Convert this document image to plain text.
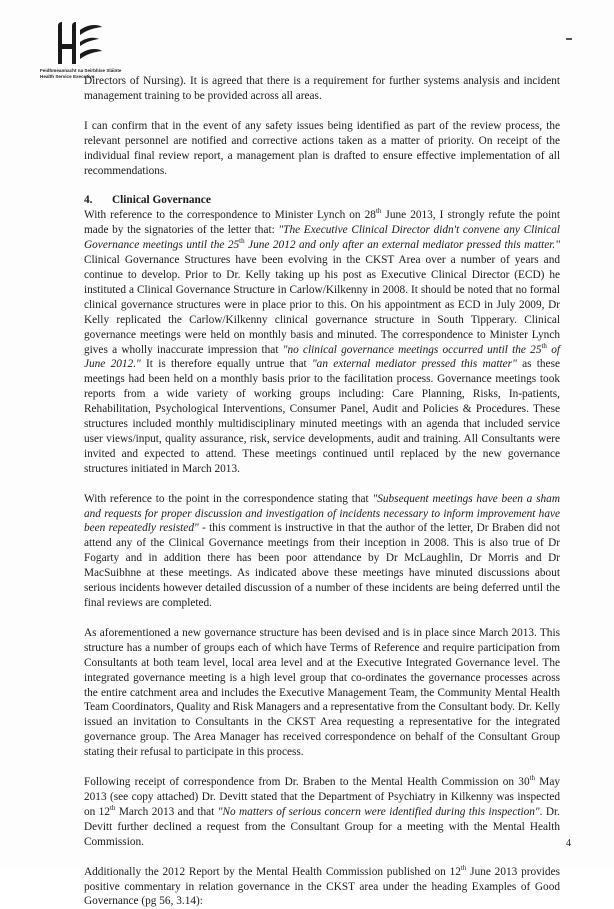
Feidhmeannacht na Seirbhíse Sláinte
Health Service Executive

Directors of Nursing). It is agreed that there is a requirement for further systems analysis and incident management training to be provided across all areas.

I can confirm that in the event of any safety issues being identified as part of the review process, the relevant personnel are notified and corrective actions taken as a matter of priority. On receipt of the individual final review report, a management plan is drafted to ensure effective implementation of all recommendations.

4. Clinical Governance

With reference to the correspondence to Minister Lynch on 28th June 2013, I strongly refute the point made by the signatories of the letter that: "The Executive Clinical Director didn't convene any Clinical Governance meetings until the 25th June 2012 and only after an external mediator pressed this matter." Clinical Governance Structures have been evolving in the CKST Area over a number of years and continue to develop. Prior to Dr. Kelly taking up his post as Executive Clinical Director (ECD) he instituted a Clinical Governance Structure in Carlow/Kilkenny in 2008. It should be noted that no formal clinical governance structures were in place prior to this. On his appointment as ECD in July 2009, Dr Kelly replicated the Carlow/Kilkenny clinical governance structure in South Tipperary. Clinical governance meetings were held on monthly basis and minuted. The correspondence to Minister Lynch gives a wholly inaccurate impression that "no clinical governance meetings occurred until the 25th of June 2012." It is therefore equally untrue that "an external mediator pressed this matter" as these meetings had been held on a monthly basis prior to the facilitation process. Governance meetings took reports from a wide variety of working groups including: Care Planning, Risks, In-patients, Rehabilitation, Psychological Interventions, Consumer Panel, Audit and Policies & Procedures. These structures included monthly multidisciplinary minuted meetings with an agenda that included service user views/input, quality assurance, risk, service developments, audit and training. All Consultants were invited and expected to attend. These meetings continued until replaced by the new governance structures initiated in March 2013.

With reference to the point in the correspondence stating that "Subsequent meetings have been a sham and requests for proper discussion and investigation of incidents necessary to inform improvement have been repeatedly resisted" - this comment is instructive in that the author of the letter, Dr Braben did not attend any of the Clinical Governance meetings from their inception in 2008. This is also true of Dr Fogarty and in addition there has been poor attendance by Dr McLaughlin, Dr Morris and Dr MacSuibhne at these meetings. As indicated above these meetings have minuted discussions about serious incidents however detailed discussion of a number of these incidents are being deferred until the final reviews are completed.

As aforementioned a new governance structure has been devised and is in place since March 2013. This structure has a number of groups each of which have Terms of Reference and require participation from Consultants at both team level, local area level and at the Executive Integrated Governance level. The integrated governance meeting is a high level group that co-ordinates the governance processes across the entire catchment area and includes the Executive Management Team, the Community Mental Health Team Coordinators, Quality and Risk Managers and a representative from the Consultant body. Dr. Kelly issued an invitation to Consultants in the CKST Area requesting a representative for the integrated governance group. The Area Manager has received correspondence on behalf of the Consultant Group stating their refusal to participate in this process.

Following receipt of correspondence from Dr. Braben to the Mental Health Commission on 30th May 2013 (see copy attached) Dr. Devitt stated that the Department of Psychiatry in Kilkenny was inspected on 12th March 2013 and that "No matters of serious concern were identified during this inspection". Dr. Devitt further declined a request from the Consultant Group for a meeting with the Mental Health Commission.

Additionally the 2012 Report by the Mental Health Commission published on 12th June 2013 provides positive commentary in relation governance in the CKST area under the heading Examples of Good Governance (pg 56, 3.14):

4
